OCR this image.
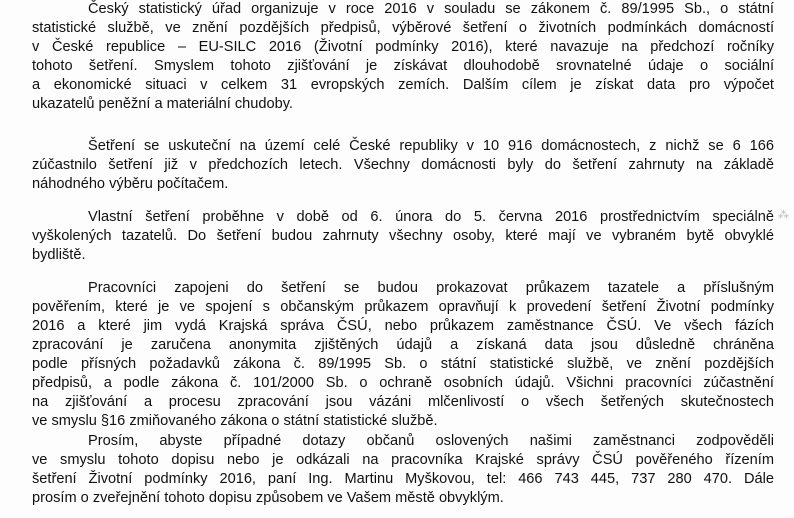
Český statistický úřad organizuje v roce 2016 v souladu se zákonem č. 89/1995 Sb., o státní
statistické službě, ve znění pozdějších předpisů, výběrové šetření o životních podmínkách domácností
v České republice – EU-SILC 2016 (Životní podmínky 2016), které navazuje na předchozí ročníky
tohoto šetření. Smyslem tohoto zjišťování je získávat dlouhodobě srovnatelné údaje o sociální
a ekonomické situaci v celkem 31 evropských zemích. Dalším cílem je získat data pro výpočet
ukazatelů peněžní a materiální chudoby.
Šetření se uskuteční na území celé České republiky v 10 916 domácnostech, z nichž se 6 166
zúčastnilo šetření již v předchozích letech. Všechny domácnosti byly do šetření zahrnuty na základě
náhodného výběru počítačem.
Vlastní šetření proběhne v době od 6. února do 5. června 2016 prostřednictvím speciálně
vyškolených tazatelů. Do šetření budou zahrnuty všechny osoby, které mají ve vybraném bytě obvyklé
bydliště.
Pracovníci zapojeni do šetření se budou prokazovat průkazem tazatele a příslušným
pověřením, které je ve spojení s občanským průkazem opravňují k provedení šetření Životní podmínky
2016 a které jim vydá Krajská správa ČSÚ, nebo průkazem zaměstnance ČSÚ. Ve všech fázích
zpracování je zaručena anonymita zjištěných údajů a získaná data jsou důsledně chráněna
podle přísných požadavků zákona č. 89/1995 Sb. o státní statistické službě, ve znění pozdějších
předpisů, a podle zákona č. 101/2000 Sb. o ochraně osobních údajů. Všichni pracovníci zúčastnění
na zjišťování a procesu zpracování jsou vázáni mlčenlivostí o všech šetřených skutečnostech
ve smyslu §16 zmiňovaného zákona o státní statistické službě.
Prosím, abyste případné dotazy občanů oslovených našimi zaměstnanci zodpověděli
ve smyslu tohoto dopisu nebo je odkázali na pracovníka Krajské správy ČSÚ pověřeného řízením
šetření Životní podmínky 2016, paní Ing. Martinu Myškovou, tel: 466 743 445, 737 280 470. Dále
prosím o zveřejnění tohoto dopisu způsobem ve Vašem městě obvyklým.
⁂
